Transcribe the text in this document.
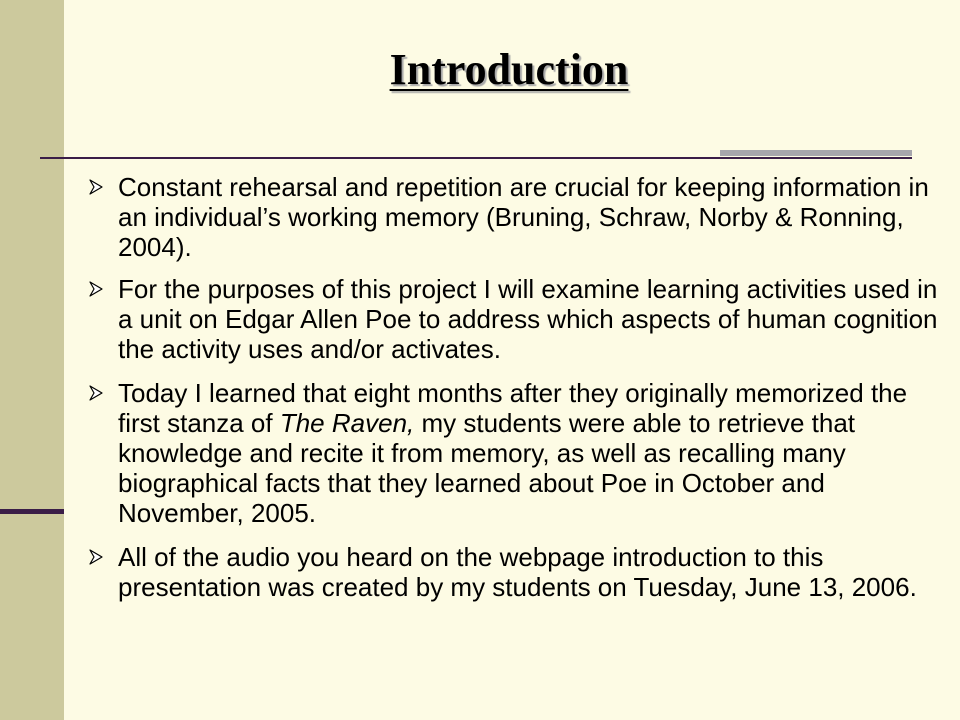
Introduction
Constant rehearsal and repetition are crucial for keeping information in an individual’s working memory (Bruning, Schraw, Norby & Ronning, 2004).
For the purposes of this project I will examine learning activities used in a unit on Edgar Allen Poe to address which aspects of human cognition the activity uses and/or activates.
Today I learned that eight months after they originally memorized the first stanza of The Raven, my students were able to retrieve that knowledge and recite it from memory, as well as recalling many biographical facts that they learned about Poe in October and November, 2005.
All of the audio you heard on the webpage introduction to this presentation was created by my students on Tuesday, June 13, 2006.
